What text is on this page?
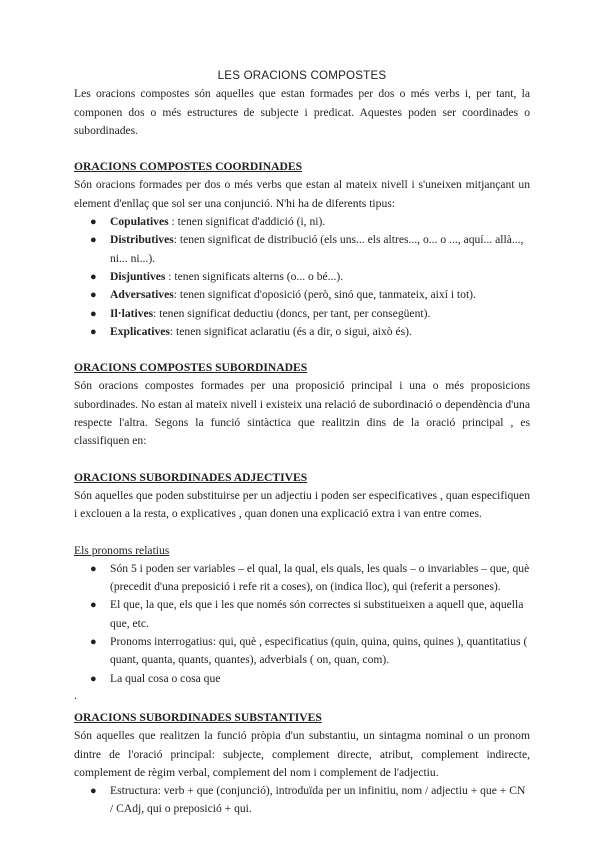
LES ORACIONS COMPOSTES

Les oracions compostes són aquelles que estan formades per dos o més verbs i, per tant, la componen dos o més estructures de subjecte i predicat. Aquestes poden ser coordinades o subordinades.

ORACIONS COMPOSTES COORDINADES

Són oracions formades per dos o més verbs que estan al mateix nivell i s'uneixen mitjançant un element d'enllaç que sol ser una conjunció. N'hi ha de diferents tipus:

● Copulatives : tenen significat d'addició (i, ni).
● Distributives: tenen significat de distribució (els uns... els altres..., o... o ..., aquí... allà..., ni... ni...).
● Disjuntives : tenen significats alterns (o... o bé...).
● Adversatives: tenen significat d'oposició (però, sinó que, tanmateix, així i tot).
● Il·latives: tenen significat deductiu (doncs, per tant, per consegüent).
● Explicatives: tenen significat aclaratiu (és a dir, o sigui, això és).
ORACIONS COMPOSTES SUBORDINADES

Són oracions compostes formades per una proposició principal i una o més proposicions subordinades. No estan al mateix nivell i existeix una relació de subordinació o dependència d'una respecte l'altra. Segons la funció sintàctica que realitzin dins de la oració principal , es classifiquen en:

ORACIONS SUBORDINADES ADJECTIVES

Són aquelles que poden substituirse per un adjectiu i poden ser especificatives , quan especifiquen i exclouen a la resta, o explicatives , quan donen una explicació extra i van entre comes.

Els pronoms relatius
● Són 5 i poden ser variables – el qual, la qual, els quals, les quals – o invariables – que, què (precedit d'una preposició i refe rit a coses), on (indica lloc), qui (referit a persones).
● El que, la que, els que i les que només són correctes si substitueixen a aquell que, aquella que, etc.
● Pronoms interrogatius: qui, què , especificatius (quin, quina, quins, quines ), quantitatius ( quant, quanta, quants, quantes), adverbials ( on, quan, com).
● La qual cosa o cosa que

.

ORACIONS SUBORDINADES SUBSTANTIVES

Són aquelles que realitzen la funció pròpia d'un substantiu, un sintagma nominal o un pronom dintre de l'oració principal: subjecte, complement directe, atribut, complement indirecte, complement de règim verbal, complement del nom i complement de l'adjectiu.

● Estructura: verb + que (conjunció), introduïda per un infinitiu, nom / adjectiu + que + CN / CAdj, qui o preposició + qui.
